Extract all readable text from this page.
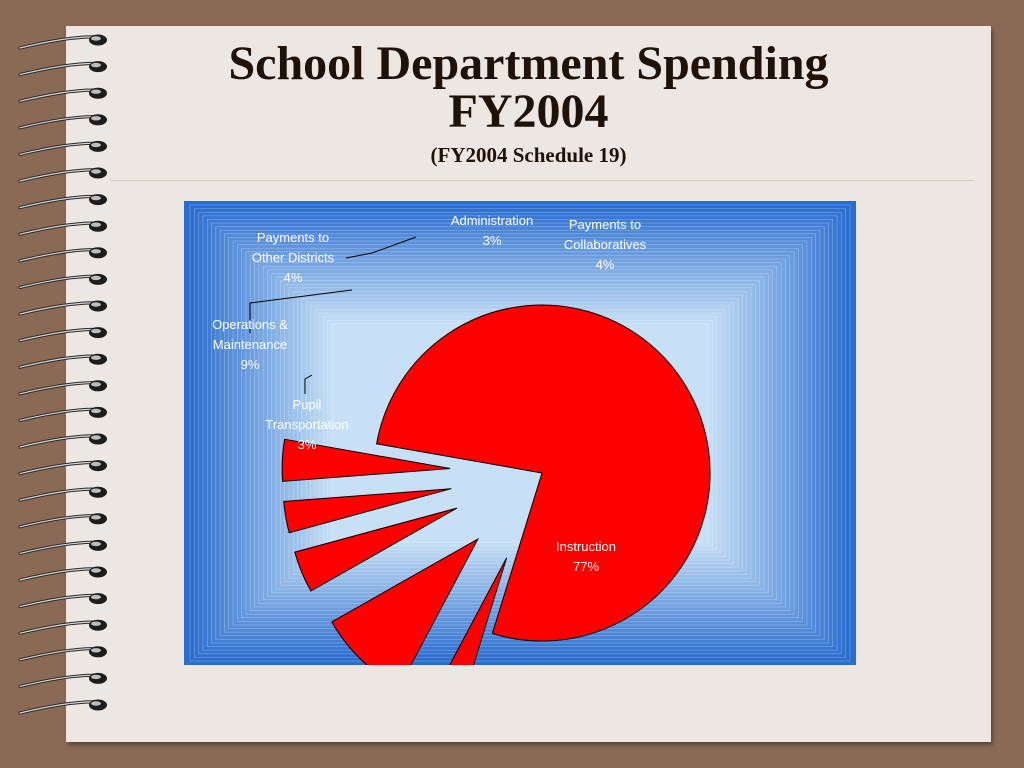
School Department Spending
FY2004
(FY2004 Schedule 19)
Administration
3%
Payments to
Collaboratives
4%
Payments to
Other Districts
4%
Operations &
Maintenance
9%
Pupil
Transportation
3%
Instruction
77%
